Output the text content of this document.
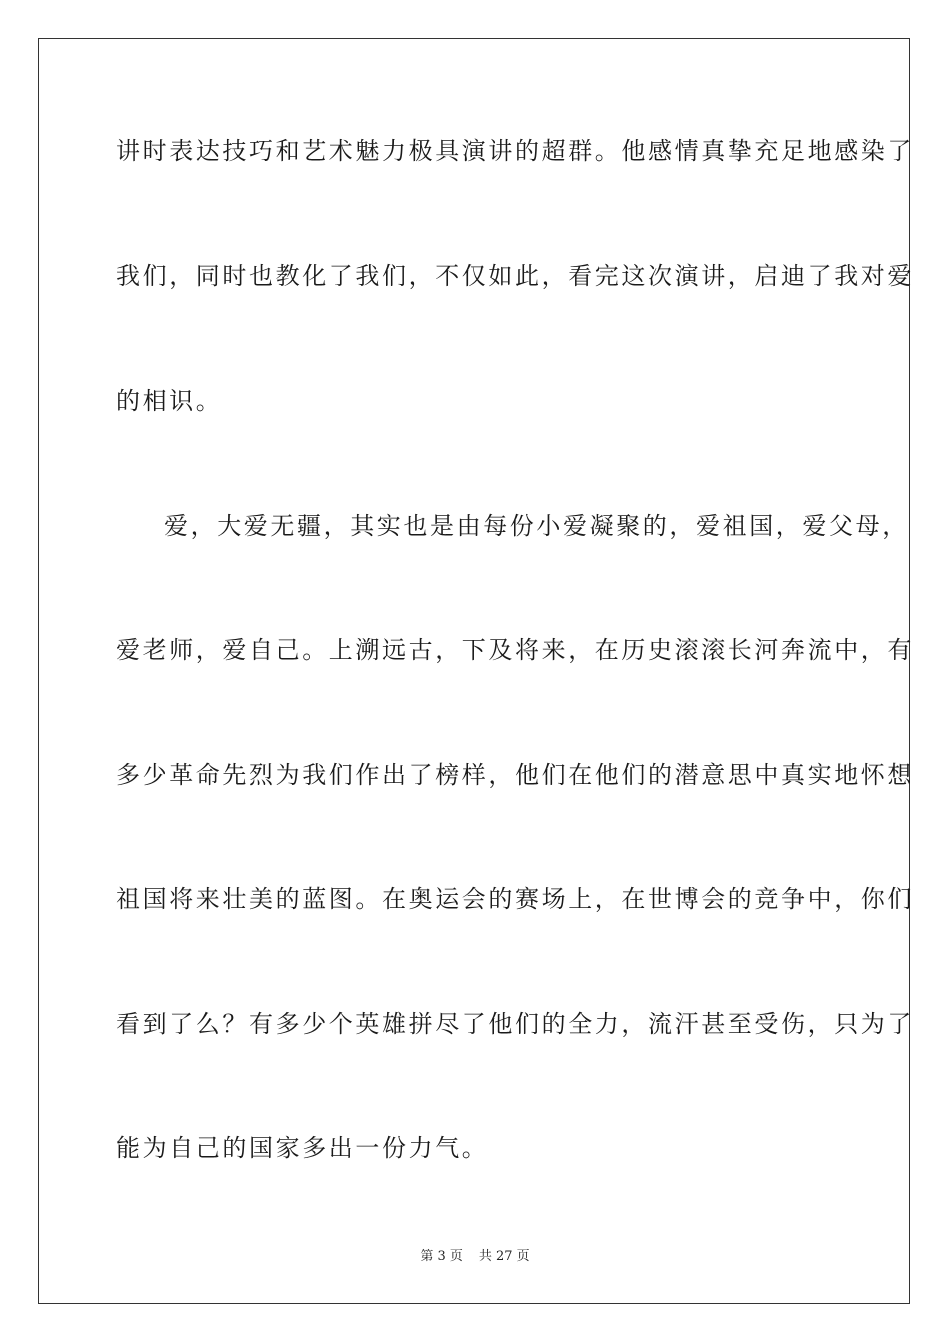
讲时表达技巧和艺术魅力极具演讲的超群。他感情真挚充足地感染了
我们，同时也教化了我们，不仅如此，看完这次演讲，启迪了我对爱
的相识。
爱，大爱无疆，其实也是由每份小爱凝聚的，爱祖国，爱父母，
爱老师，爱自己。上溯远古，下及将来，在历史滚滚长河奔流中，有
多少革命先烈为我们作出了榜样，他们在他们的潜意思中真实地怀想
祖国将来壮美的蓝图。在奥运会的赛场上，在世博会的竞争中，你们
看到了么？有多少个英雄拼尽了他们的全力，流汗甚至受伤，只为了
能为自己的国家多出一份力气。
第 3 页 共 27 页
